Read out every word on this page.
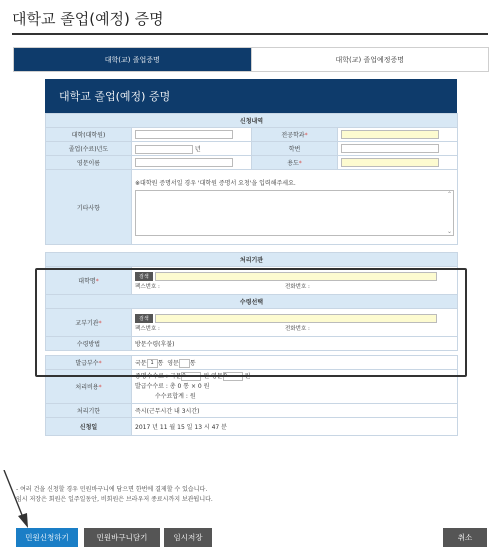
대학교 졸업(예정) 증명
대학(교) 졸업증명	대학(교) 졸업예정증명
대학교 졸업(예정) 증명
신청내역			
대학(대학원)		전공학과*	
졸업(수료)년도	년	학번	
영문이름		용도*	
기타사항	※대학원 증명서일 경우 '대학원 증명서 요청'을 입력해주세요.
⌃
⌄		

처리기관			
대학명*	검색
팩스번호 : 전화번호 :		

수령선택			
교부기관*	검색
팩스번호 : 전화번호 :		

수령방법	방문수령(후불)		

발급부수*	국문 1 통 영문 통		
처리비용*	증명수수료 : 국문0 원 영문0 원
발급수수료 : 총 0 통 × 0 원
수수료합계 : 원		

처리기한	즉시(근무시간 내 3시간)		
신청일	2017 년 11 월 15 일 13 시 47 분		
- 여러 건을 신청할 경우 민원바구니에 담으면 한번에 결제할 수 있습니다.
임시 저장은 회원은 일주일동안, 비회원은 브라우저 종료시까지 보관됩니다.
민원신청하기	민원바구니담기	임시저장	취소
